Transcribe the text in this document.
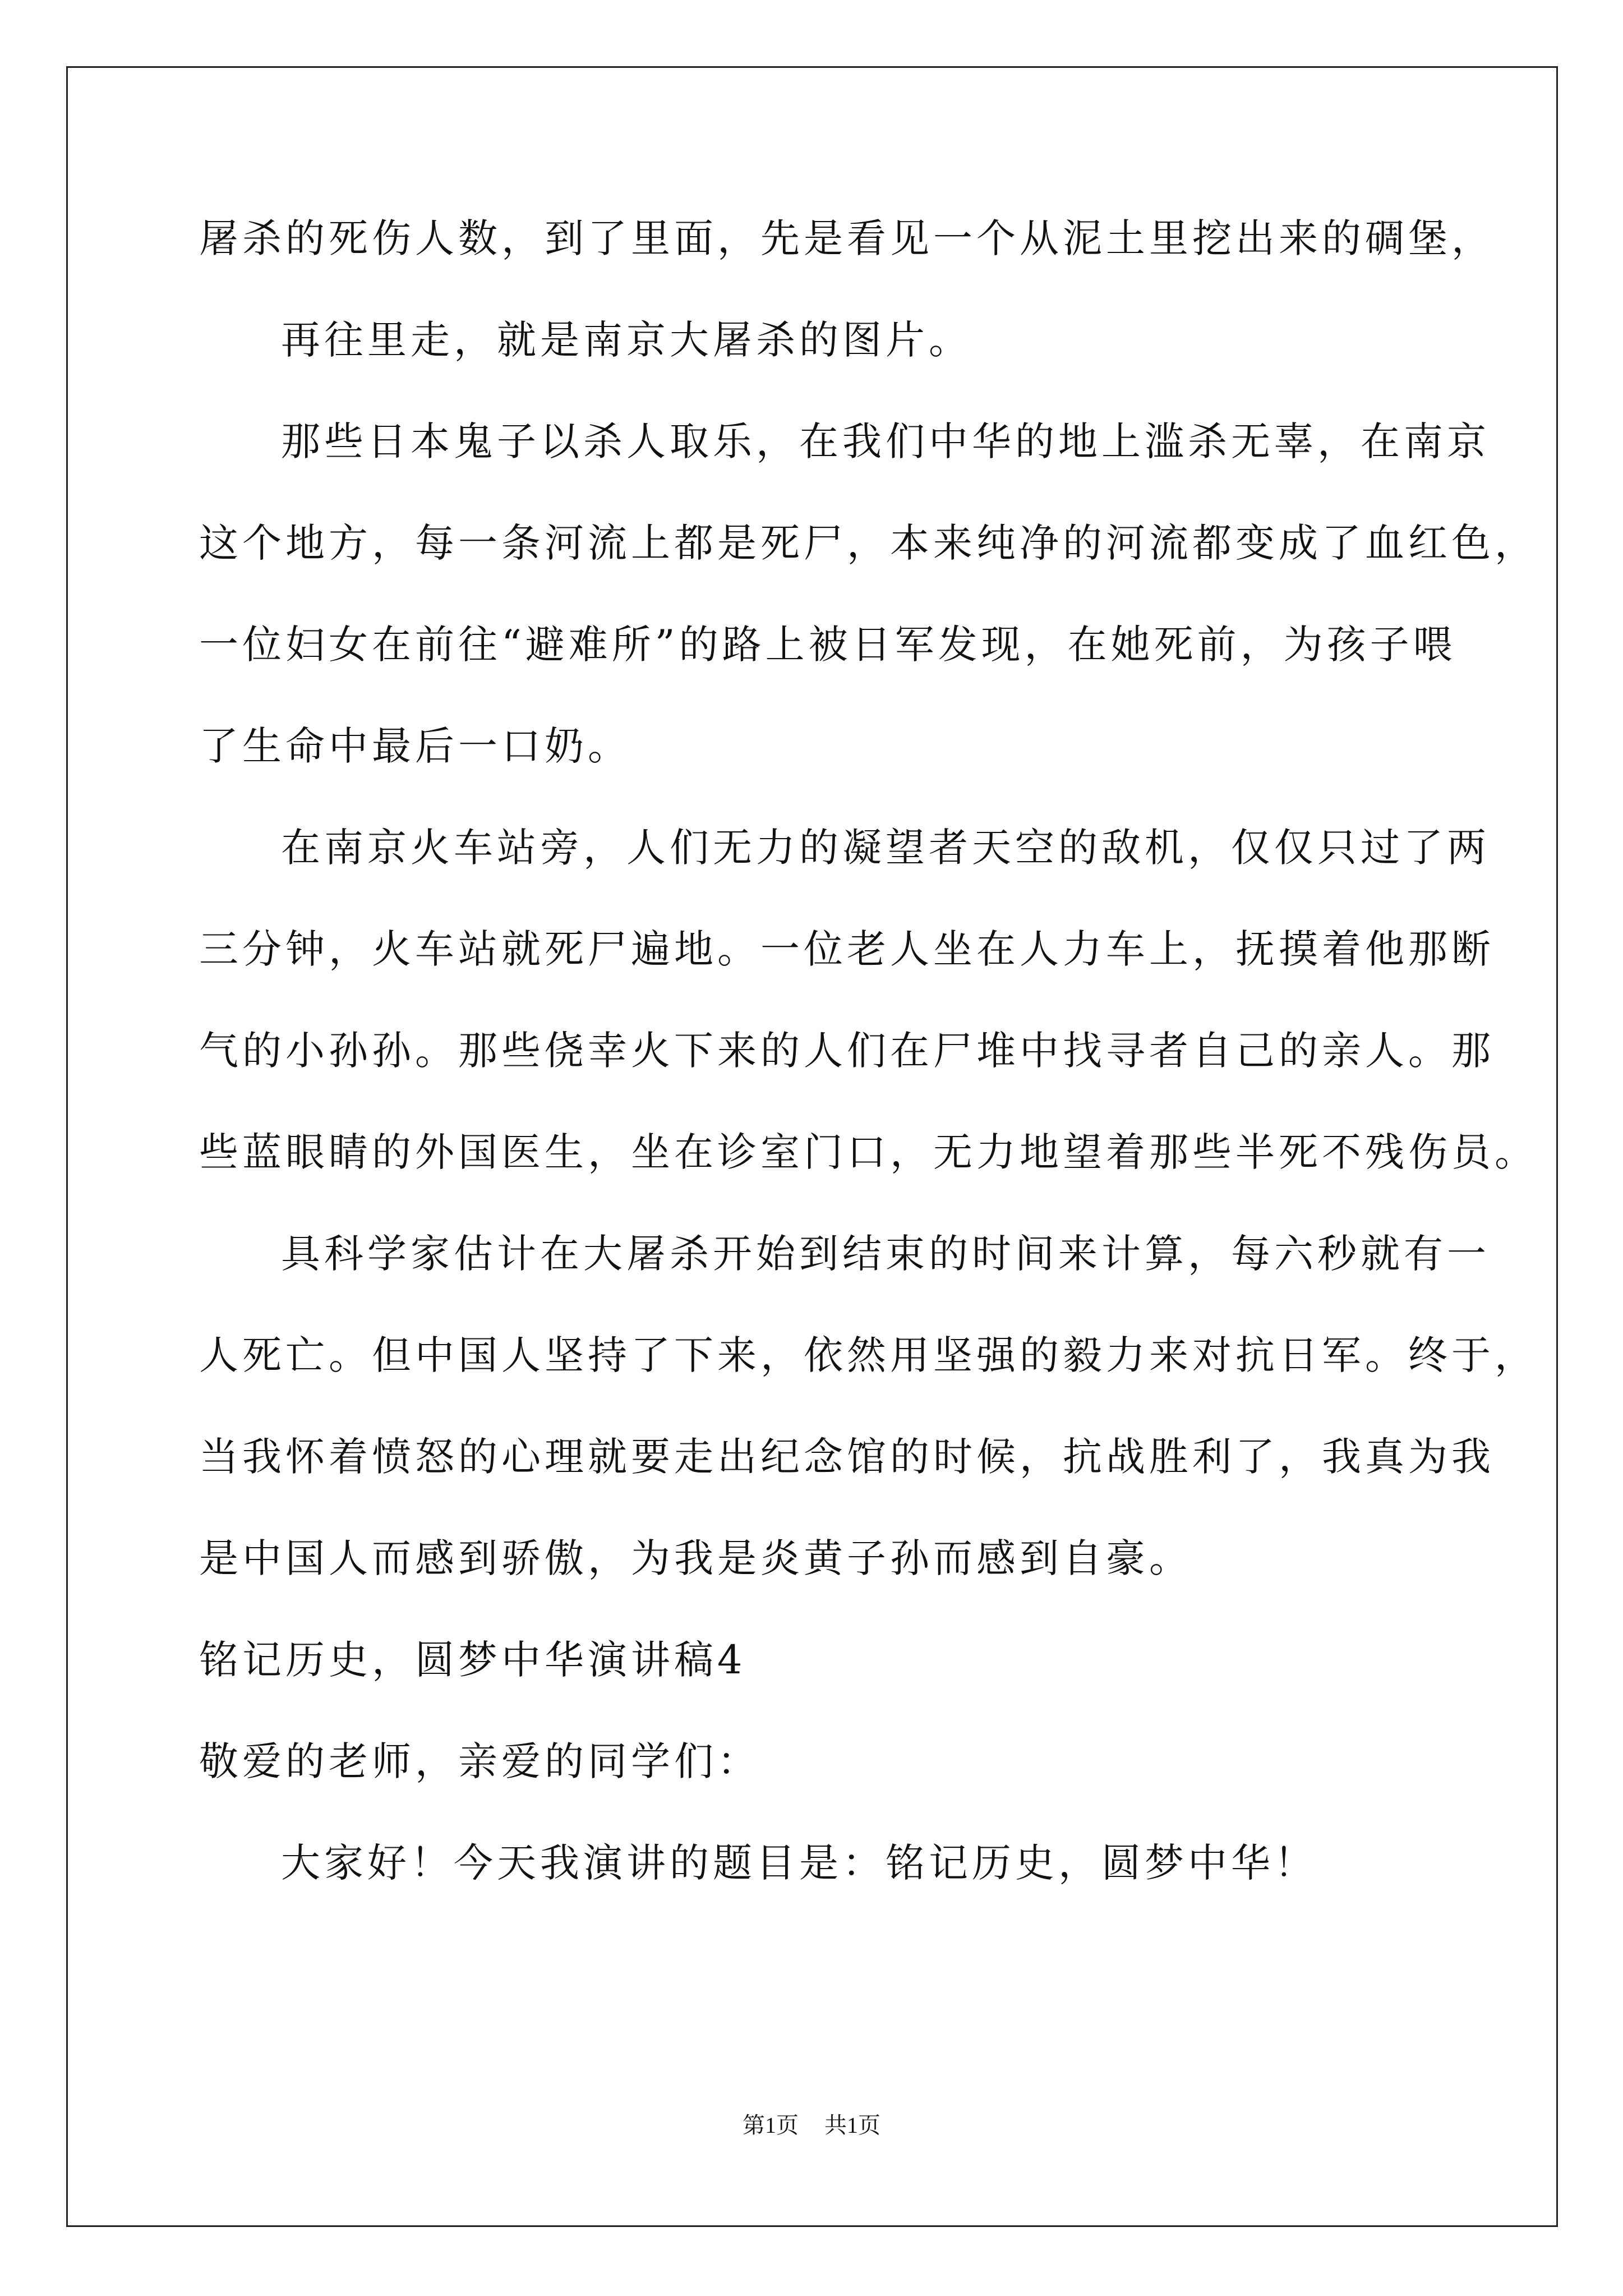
屠杀的死伤人数，到了里面，先是看见一个从泥土里挖出来的碉堡，
再往里走，就是南京大屠杀的图片。
那些日本鬼子以杀人取乐，在我们中华的地上滥杀无辜，在南京
这个地方，每一条河流上都是死尸，本来纯净的河流都变成了血红色，
一位妇女在前往“避难所”的路上被日军发现，在她死前，为孩子喂
了生命中最后一口奶。
在南京火车站旁，人们无力的凝望者天空的敌机，仅仅只过了两
三分钟，火车站就死尸遍地。一位老人坐在人力车上，抚摸着他那断
气的小孙孙。那些侥幸火下来的人们在尸堆中找寻者自己的亲人。那
些蓝眼睛的外国医生，坐在诊室门口，无力地望着那些半死不残伤员。
具科学家估计在大屠杀开始到结束的时间来计算，每六秒就有一
人死亡。但中国人坚持了下来，依然用坚强的毅力来对抗日军。终于，
当我怀着愤怒的心理就要走出纪念馆的时候，抗战胜利了，我真为我
是中国人而感到骄傲，为我是炎黄子孙而感到自豪。
铭记历史，圆梦中华演讲稿4
敬爱的老师，亲爱的同学们：
大家好！今天我演讲的题目是：铭记历史，圆梦中华！
第1页 共1页
